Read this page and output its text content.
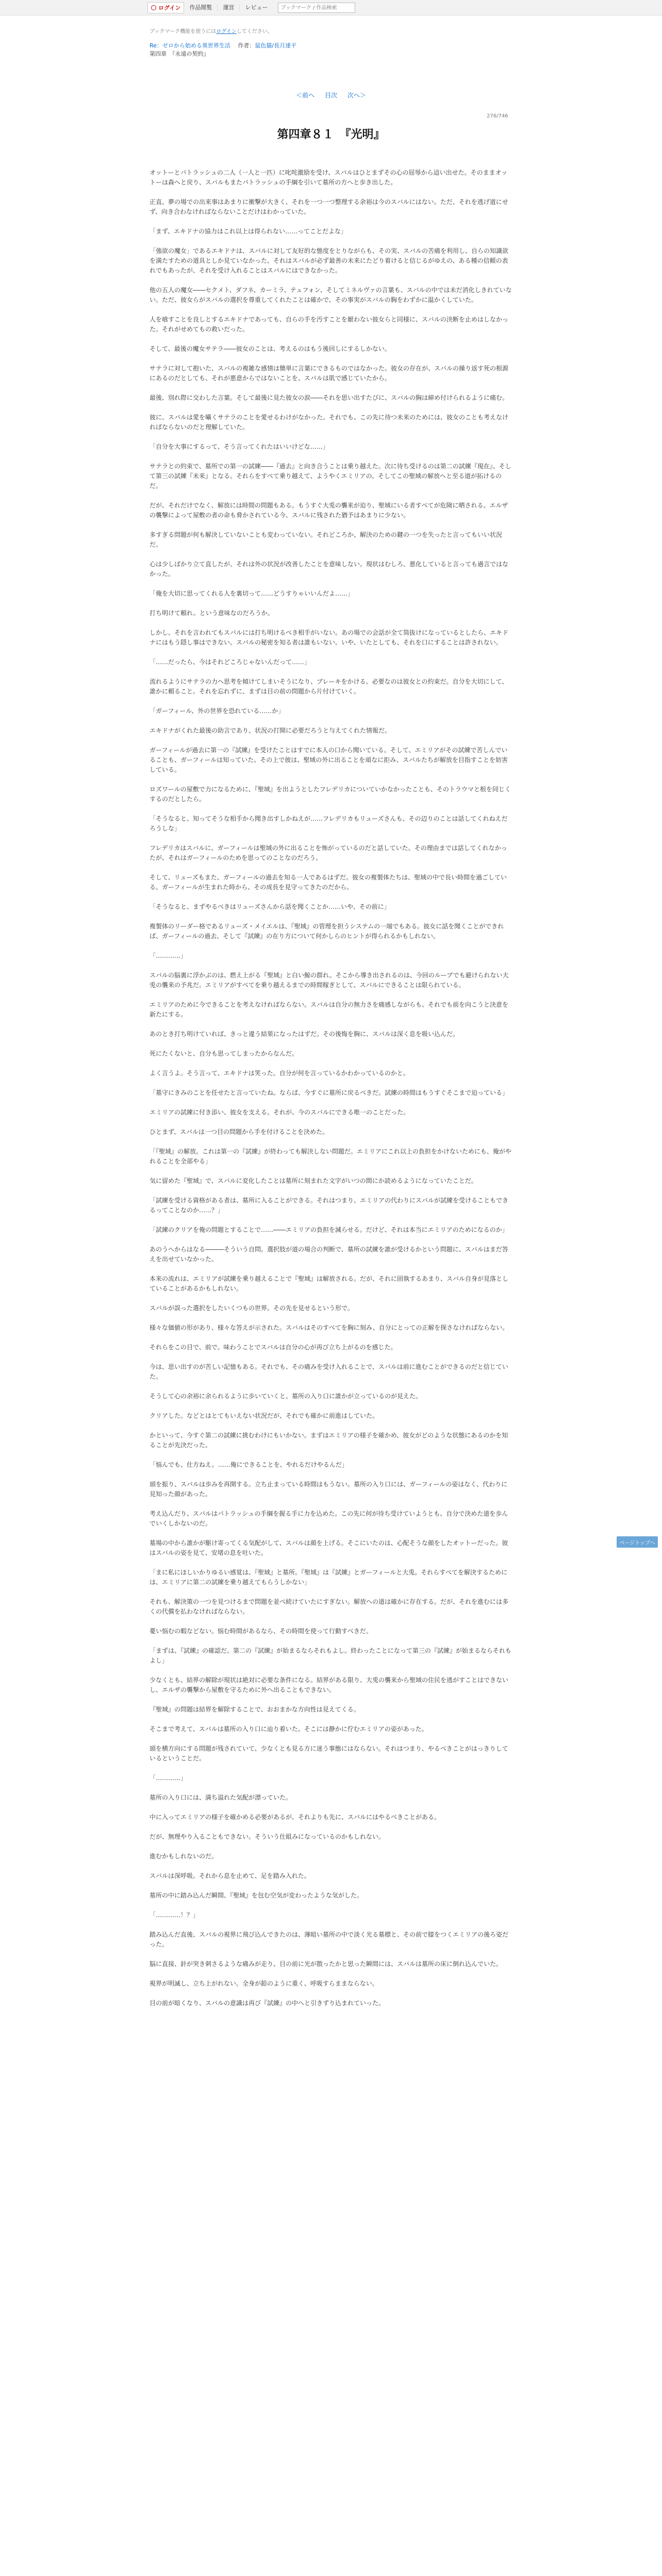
ログイン	作品閲覧	運営	レビュー
ブックマーク / 作品検索
ブックマーク機能を使うにはログインしてください。
Re：ゼロから始める異世界生活 　 作者：鼠色猫/長月達平
第四章　『永遠の契約』
＜前へ 目次 次へ＞
276/746
第四章８１　『光明』

オットーとパトラッシュの二人（一人と一匹）に叱咤激励を受け、スバルはひとまずその心の屈辱から這い出せた。そのままオットーは森へと戻り、スバルもまたパトラッシュの手綱を引いて墓所の方へと歩き出した。

正直、夢の場での出来事はあまりに衝撃が大きく、それを一つ一つ整理する余裕は今のスバルにはない。ただ、それを逃げ道にせず、向き合わなければならないことだけはわかっていた。

「まず、エキドナの協力はこれ以上は得られない……ってことだよな」

「強欲の魔女」であるエキドナは、スバルに対して友好的な態度をとりながらも、その実、スバルの苦痛を利用し、自らの知識欲を満たすための道具としか見ていなかった。それはスバルが必ず最善の未来にたどり着けると信じるがゆえの、ある種の信頼の表れでもあったが、それを受け入れることはスバルにはできなかった。

他の五人の魔女――セクメト、ダフネ、カーミラ、テュフォン、そしてミネルヴァの言葉も、スバルの中では未だ消化しきれていない。ただ、彼女らがスバルの選択を尊重してくれたことは確かで、その事実がスバルの胸をわずかに温かくしていた。

人を喰すことを良しとするエキドナであっても、自らの手を汚すことを厭わない彼女らと同様に、スバルの決断を止めはしなかった。それがせめてもの救いだった。

そして、最後の魔女サテラ――彼女のことは、考えるのはもう後回しにするしかない。

サテラに対して抱いた、スバルの複雑な感情は簡単に言葉にできるものではなかった。彼女の存在が、スバルの繰り返す死の根源にあるのだとしても、それが悪意からではないことを、スバルは肌で感じていたから。

最後、別れ際に交わした言葉。そして最後に見た彼女の涙――それを思い出すたびに、スバルの胸は締め付けられるように痛む。

彼に、スバルは愛を囁くサテラのことを愛せるわけがなかった。それでも、この先に待つ未来のためには、彼女のことも考えなければならないのだと理解していた。

「自分を大事にするって、そう言ってくれたはいいけどな……」

サテラとの約束で、墓所での第一の試練――『過去』と向き合うことは乗り越えた。次に待ち受けるのは第二の試練『現在』、そして第三の試練『未来』となる。それらをすべて乗り越えて、ようやくエミリアの、そしてこの聖域の解放へと至る道が拓けるのだ。

だが、それだけでなく、解放には時間の問題もある。もうすぐ大兎の襲来が迫り、聖域にいる者すべてが危険に晒される。エルザの襲撃によって屋敷の者の命も脅かされている今、スバルに残された猶予はあまりに少ない。

多すぎる問題が何も解決していないことも変わっていない。それどころか、解決のための鍵の一つを失ったと言ってもいい状況だ。

心は少しばかり立て直したが、それは外の状況が改善したことを意味しない。現状はむしろ、悪化していると言っても過言ではなかった。

「俺を大切に思ってくれる人を裏切って……どうすりゃいいんだよ……」

打ち明けて頼れ。という意味なのだろうか。

しかし、それを言われてもスバルには打ち明けるべき相手がいない。あの場での会話が全て筒抜けになっているとしたら、エキドナにはもう隠し事はできない。スバルの秘密を知る者は誰もいない。いや、いたとしても、それを口にすることは許されない。

「……だったら、今はそれどころじゃないんだって……」

流れるようにサテラの力へ思考を傾けてしまいそうになり、ブレーキをかける。必要なのは彼女との約束だ。自分を大切にして、誰かに頼ること。それを忘れずに、まずは目の前の問題から片付けていく。

「ガーフィール、外の世界を恐れている……か」

エキドナがくれた最後の助言であり、状況の打開に必要だろうと与えてくれた情報だ。

ガーフィールが過去に第一の『試練』を受けたことはすでに本人の口から聞いている。そして、エミリアがその試練で苦しんでいることも、ガーフィールは知っていた。その上で彼は、聖域の外に出ることを頑なに拒み、スバルたちが解放を目指すことを妨害している。

ロズワールの屋敷で力になるために、『聖域』を出ようとしたフレデリカについていかなかったことも、そのトラウマと根を同じくするのだとしたら。

「そうなると、知ってそうな相手から聞き出すしかねえが……フレデリカもリューズさんも、その辺りのことは話してくれねえだろうしな」

フレデリカはスバルに、ガーフィールは聖域の外に出ることを怖がっているのだと話していた。その理由までは話してくれなかったが、それはガーフィールのためを思ってのことなのだろう。

そして、リューズもまた、ガーフィールの過去を知る一人であるはずだ。彼女の複製体たちは、聖域の中で長い時間を過ごしている。ガーフィールが生まれた時から、その成長を見守ってきたのだから。

「そうなると、まずやるべきはリューズさんから話を聞くことか……いや、その前に」

複製体のリーダー格であるリューズ・メイエルは、『聖域』の管理を担うシステムの一端でもある。彼女に話を聞くことができれば、ガーフィールの過去、そして『試練』の在り方について何かしらのヒントが得られるかもしれない。

「…………」

スバルの脳裏に浮かぶのは、燃え上がる『聖域』と白い鯨の群れ。そこから導き出されるのは、今回のループでも避けられない大兎の襲来の予兆だ。エミリアがすべてを乗り越えるまでの時間稼ぎとして、スバルにできることは限られている。

エミリアのために今できることを考えなければならない。スバルは自分の無力さを痛感しながらも、それでも前を向こうと決意を新たにする。

あのとき打ち明けていれば、きっと違う結果になったはずだ。その後悔を胸に、スバルは深く息を吸い込んだ。

死にたくないと、自分も思ってしまったからなんだ。

よく言うよ。そう言って、エキドナは笑った。自分が何を言っているかわかっているのかと。

「墓守にきみのことを任せたと言っていたね。ならば、今すぐに墓所に戻るべきだ。試練の時間はもうすぐそこまで迫っている」

エミリアの試練に付き添い、彼女を支える。それが、今のスバルにできる唯一のことだった。

ひとまず、スバルは一つ目の問題から手を付けることを決めた。

「『聖域』の解放。これは第一の『試練』が終わっても解決しない問題だ。エミリアにこれ以上の負担をかけないためにも、俺がやれることを全部やる」

気に留めた『聖域』で、スバルに変化したことは墓所に刻まれた文字がいつの間にか読めるようになっていたことだ。

「試練を受ける資格がある者は、墓所に入ることができる。それはつまり、エミリアの代わりにスバルが試練を受けることもできるってことなのか……？」

「試練のクリアを俺の問題とすることで……――エミリアの負担を減らせる。だけど、それは本当にエミリアのためになるのか」

あのうへからはなる―――そういう自問。選択肢が道の場合の判断で、墓所の試練を誰が受けるかという問題に、スバルはまだ答えを出せていなかった。

本来の流れは、エミリアが試練を乗り越えることで『聖域』は解放される。だが、それに固執するあまり、スバル自身が見落としていることがあるかもしれない。

スバルが誤った選択をしたいくつもの世界。その先を見せるという形で。

様々な価値の形があり、様々な答えが示された。スバルはそのすべてを胸に刻み、自分にとっての正解を探さなければならない。

それらをこの目で、前で。味わうことでスバルは自分の心が再び立ち上がるのを感じた。

今は、思い出すのが苦しい記憶もある。それでも、その痛みを受け入れることで、スバルは前に進むことができるのだと信じていた。

そうして心の余裕に余られるように歩いていくと、墓所の入り口に誰かが立っているのが見えた。

クリアした。などとはとてもいえない状況だが、それでも確かに前進はしていた。

かといって、今すぐ第二の試練に挑むわけにもいかない。まずはエミリアの様子を確かめ、彼女がどのような状態にあるのかを知ることが先決だった。

「悩んでも、仕方ねえ。……俺にできることを、やれるだけやるんだ」

頭を振り、スバルは歩みを再開する。立ち止まっている時間はもうない。墓所の入り口には、ガーフィールの姿はなく、代わりに見知った顔があった。

考え込んだり、スバルはパトラッシュの手綱を握る手に力を込めた。この先に何が待ち受けていようとも、自分で決めた道を歩んでいくしかないのだ。

墓場の中から誰かが駆け寄ってくる気配がして、スバルは顔を上げる。そこにいたのは、心配そうな顔をしたオットーだった。彼はスバルの姿を見て、安堵の息を吐いた。

「まに私にほしいかりゆるい感覚は、『聖域』と墓所。『聖域』は『試練』とガーフィールと大兎。それらすべてを解決するためには、エミリアに第二の試練を乗り越えてもらうしかない」

それも、解決策の一つを見つけるまで問題を並べ続けていたにすぎない。解放への道は確かに存在する。だが、それを進むには多くの代償を払わなければならない。

憂い悩むの暇などない。悩む時間があるなら、その時間を使って行動すべきだ。

「まずは、『試練』の確認だ。第二の『試練』が始まるならそれもよし。終わったことになって第三の『試練』が始まるならそれもよし」

少なくとも、結界の解除が現状は絶対に必要な条件になる。結界がある限り、大兎の襲来から聖域の住民を逃がすことはできないし、エルザの襲撃から屋敷を守るために外へ出ることもできない。

『聖域』の問題は結界を解除することで、おおまかな方向性は見えてくる。

そこまで考えて、スバルは墓所の入り口に辿り着いた。そこには静かに佇むエミリアの姿があった。

頭を横方向にする問題が残されていて、少なくとも見る方に迷う事態にはならない。それはつまり、やるべきことがはっきりしているということだ。

「…………」

墓所の入り口には、満ち溢れた気配が漂っていた。

中に入ってエミリアの様子を確かめる必要があるが、それよりも先に、スバルにはやるべきことがある。

だが、無理やり入ることもできない。そういう仕組みになっているのかもしれない。

進むかもしれないのだ。

スバルは深呼吸。それから息を止めて、足を踏み入れた。

墓所の中に踏み込んだ瞬間、『聖域』を包む空気が変わったような気がした。

「…………！？」

踏み込んだ直後、スバルの視界に飛び込んできたのは、薄暗い墓所の中で淡く光る墓標と、その前で膝をつくエミリアの後ろ姿だった。

脳に直接、針が突き刺さるような痛みが走り、目の前に光が散ったかと思った瞬間には、スバルは墓所の床に倒れ込んでいた。

視界が明滅し、立ち上がれない。全身が鉛のように重く、呼吸すらままならない。

目の前が暗くなり、スバルの意識は再び『試練』の中へと引きずり込まれていった。

ページトップへ
